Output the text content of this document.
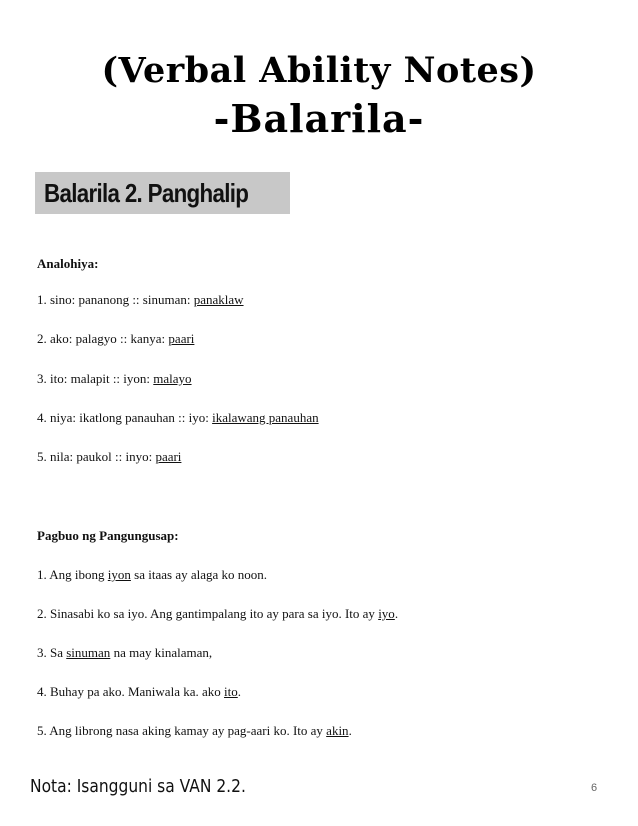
(Verbal Ability Notes)
-Balarila-
Balarila 2. Panghalip
Analohiya:
1. sino: pananong :: sinuman: panaklaw
2. ako: palagyo :: kanya: paari
3. ito: malapit :: iyon: malayo
4. niya: ikatlong panauhan :: iyo: ikalawang panauhan
5. nila: paukol :: inyo: paari
Pagbuo ng Pangungusap:
1. Ang ibong iyon sa itaas ay alaga ko noon.
2. Sinasabi ko sa iyo. Ang gantimpalang ito ay para sa iyo. Ito ay iyo.
3. Sa sinuman na may kinalaman,
4. Buhay pa ako. Maniwala ka. ako ito.
5. Ang librong nasa aking kamay ay pag-aari ko. Ito ay akin.
Nota: Isangguni sa VAN 2.2.	6
